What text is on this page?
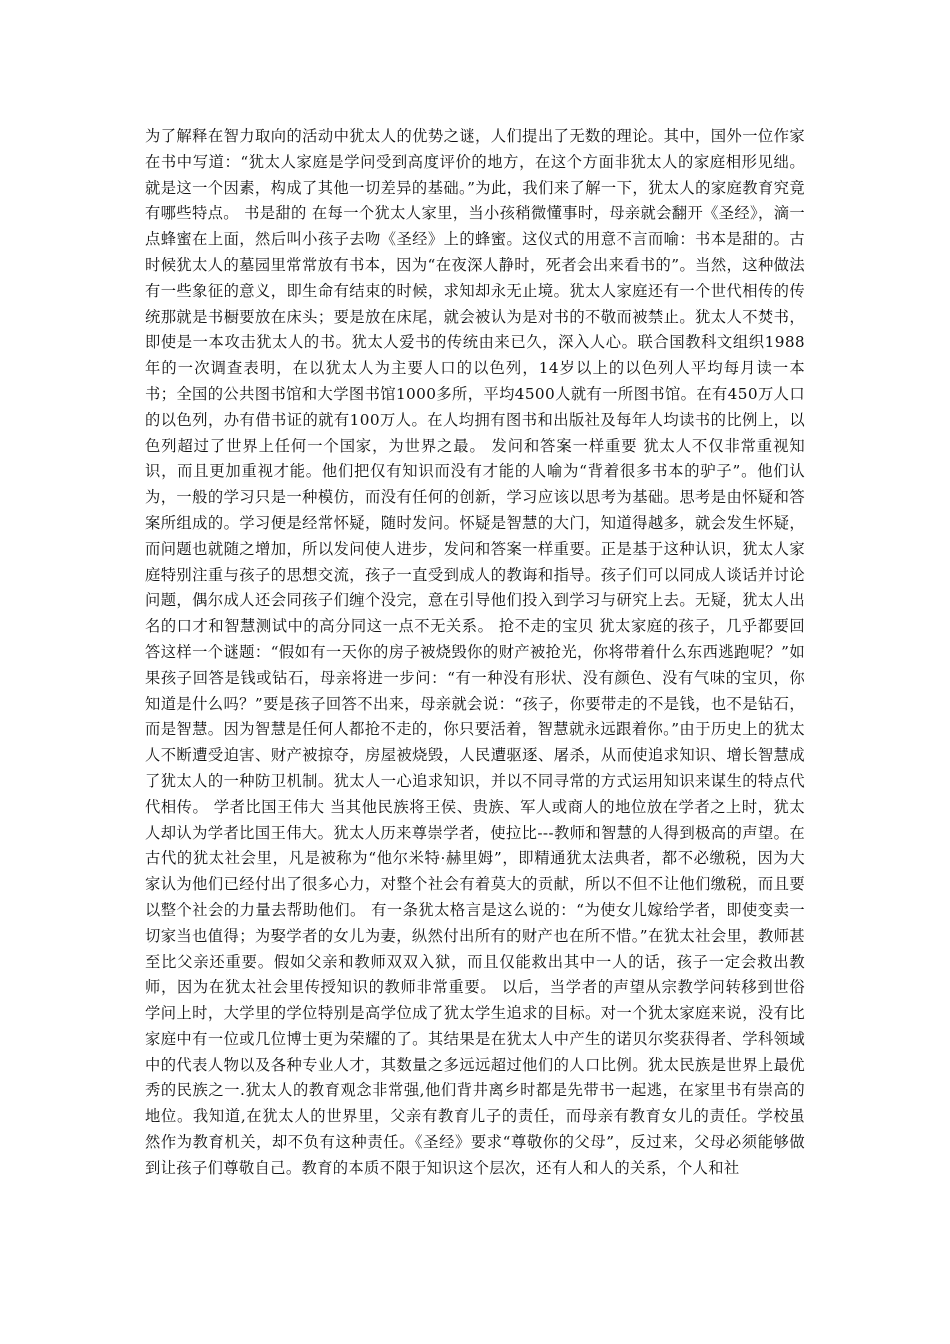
为了解释在智力取向的活动中犹太人的优势之谜，人们提出了无数的理论。其中，国外一位作家在书中写道：“犹太人家庭是学问受到高度评价的地方，在这个方面非犹太人的家庭相形见绌。就是这一个因素，构成了其他一切差异的基础。”为此，我们来了解一下，犹太人的家庭教育究竟有哪些特点。 书是甜的 在每一个犹太人家里，当小孩稍微懂事时，母亲就会翻开《圣经》，滴一点蜂蜜在上面，然后叫小孩子去吻《圣经》上的蜂蜜。这仪式的用意不言而喻：书本是甜的。古时候犹太人的墓园里常常放有书本，因为“在夜深人静时，死者会出来看书的”。当然，这种做法有一些象征的意义，即生命有结束的时候，求知却永无止境。犹太人家庭还有一个世代相传的传统那就是书橱要放在床头；要是放在床尾，就会被认为是对书的不敬而被禁止。犹太人不焚书，即使是一本攻击犹太人的书。犹太人爱书的传统由来已久，深入人心。联合国教科文组织1988年的一次调查表明，在以犹太人为主要人口的以色列，14岁以上的以色列人平均每月读一本书；全国的公共图书馆和大学图书馆1000多所，平均4500人就有一所图书馆。在有450万人口的以色列，办有借书证的就有100万人。在人均拥有图书和出版社及每年人均读书的比例上，以色列超过了世界上任何一个国家，为世界之最。 发问和答案一样重要 犹太人不仅非常重视知识，而且更加重视才能。他们把仅有知识而没有才能的人喻为“背着很多书本的驴子”。他们认为，一般的学习只是一种模仿，而没有任何的创新，学习应该以思考为基础。思考是由怀疑和答案所组成的。学习便是经常怀疑，随时发问。怀疑是智慧的大门，知道得越多，就会发生怀疑，而问题也就随之增加，所以发问使人进步，发问和答案一样重要。正是基于这种认识，犹太人家庭特别注重与孩子的思想交流，孩子一直受到成人的教诲和指导。孩子们可以同成人谈话并讨论问题，偶尔成人还会同孩子们缠个没完，意在引导他们投入到学习与研究上去。无疑，犹太人出名的口才和智慧测试中的高分同这一点不无关系。 抢不走的宝贝 犹太家庭的孩子，几乎都要回答这样一个谜题：“假如有一天你的房子被烧毁你的财产被抢光，你将带着什么东西逃跑呢？”如果孩子回答是钱或钻石，母亲将进一步问：“有一种没有形状、没有颜色、没有气味的宝贝，你知道是什么吗？”要是孩子回答不出来，母亲就会说：“孩子，你要带走的不是钱，也不是钻石，而是智慧。因为智慧是任何人都抢不走的，你只要活着，智慧就永远跟着你。”由于历史上的犹太人不断遭受迫害、财产被掠夺，房屋被烧毁，人民遭驱逐、屠杀，从而使追求知识、增长智慧成了犹太人的一种防卫机制。犹太人一心追求知识，并以不同寻常的方式运用知识来谋生的特点代代相传。 学者比国王伟大 当其他民族将王侯、贵族、军人或商人的地位放在学者之上时，犹太人却认为学者比国王伟大。犹太人历来尊崇学者，使拉比---教师和智慧的人得到极高的声望。在古代的犹太社会里，凡是被称为“他尔米特·赫里姆”，即精通犹太法典者，都不必缴税，因为大家认为他们已经付出了很多心力，对整个社会有着莫大的贡献，所以不但不让他们缴税，而且要以整个社会的力量去帮助他们。 有一条犹太格言是这么说的：“为使女儿嫁给学者，即使变卖一切家当也值得；为娶学者的女儿为妻，纵然付出所有的财产也在所不惜。”在犹太社会里，教师甚至比父亲还重要。假如父亲和教师双双入狱，而且仅能救出其中一人的话，孩子一定会救出教师，因为在犹太社会里传授知识的教师非常重要。 以后，当学者的声望从宗教学问转移到世俗学问上时，大学里的学位特别是高学位成了犹太学生追求的目标。对一个犹太家庭来说，没有比家庭中有一位或几位博士更为荣耀的了。其结果是在犹太人中产生的诺贝尔奖获得者、学科领域中的代表人物以及各种专业人才，其数量之多远远超过他们的人口比例。犹太民族是世界上最优秀的民族之一.犹太人的教育观念非常强,他们背井离乡时都是先带书一起逃，在家里书有崇高的地位。我知道,在犹太人的世界里，父亲有教育儿子的责任，而母亲有教育女儿的责任。学校虽然作为教育机关，却不负有这种责任。《圣经》要求“尊敬你的父母”，反过来，父母必须能够做到让孩子们尊敬自己。教育的本质不限于知识这个层次，还有人和人的关系，个人和社
